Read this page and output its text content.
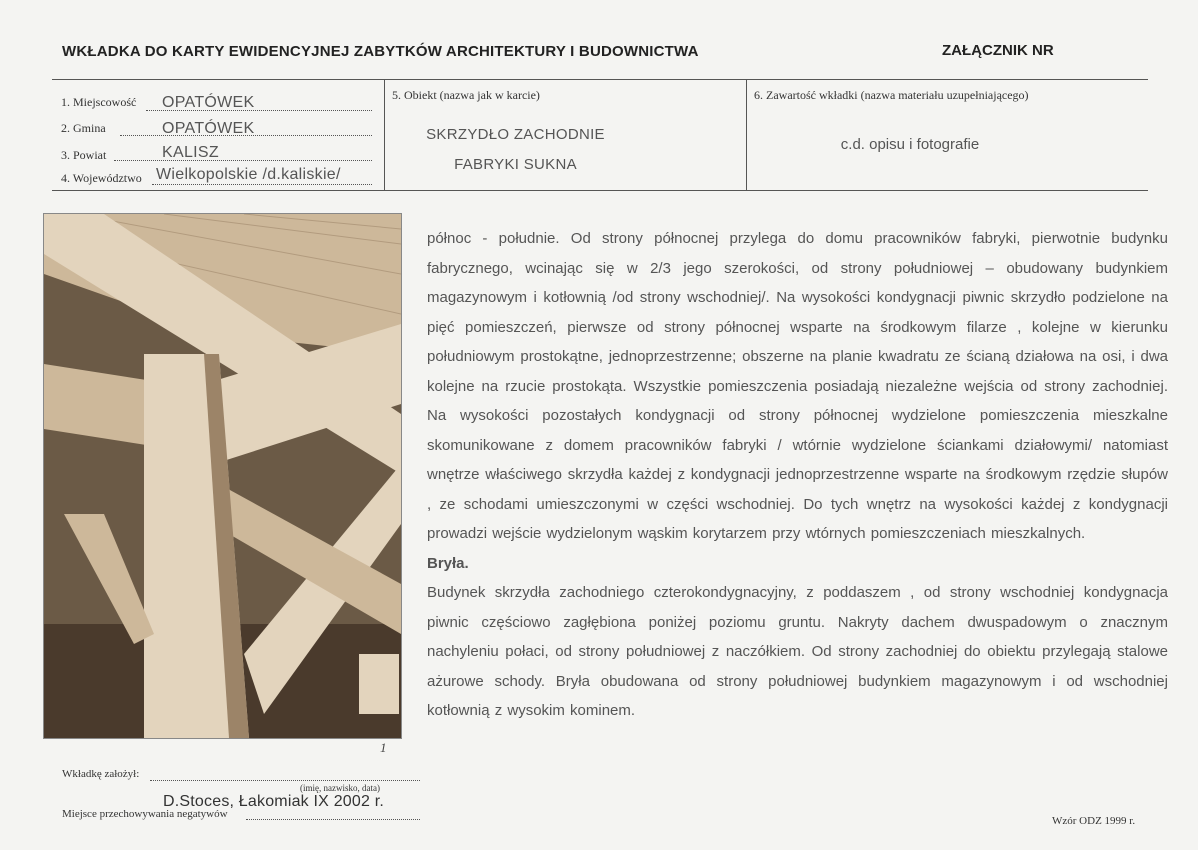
WKŁADKA DO KARTY EWIDENCYJNEJ ZABYTKÓW ARCHITEKTURY I BUDOWNICTWA	ZAŁĄCZNIK NR
1. Miejscowość OPATÓWEK
2. Gmina	OPATÓWEK
3. Powiat	KALISZ
4. Województwo Wielkopolskie /d.kaliskie/
5. Obiekt (nazwa jak w karcie)
SKRZYDŁO ZACHODNIE
FABRYKI SUKNA
6. Zawartość wkładki (nazwa materiału uzupełniającego)
c.d. opisu i fotografie
1

północ - południe. Od strony północnej przylega do domu pracowników fabryki, pierwotnie budynku fabrycznego, wcinając się w 2/3 jego szerokości, od strony południowej – obudowany budynkiem magazynowym i kotłownią /od strony wschodniej/. Na wysokości kondygnacji piwnic skrzydło podzielone na pięć pomieszczeń, pierwsze od strony północnej wsparte na środkowym filarze , kolejne w kierunku południowym prostokątne, jednoprzestrzenne; obszerne na planie kwadratu ze ścianą działowa na osi, i dwa kolejne na rzucie prostokąta. Wszystkie pomieszczenia posiadają niezależne wejścia od strony zachodniej. Na wysokości pozostałych kondygnacji od strony północnej wydzielone pomieszczenia mieszkalne skomunikowane z domem pracowników fabryki / wtórnie wydzielone ściankami działowymi/ natomiast wnętrze właściwego skrzydła każdej z kondygnacji jednoprzestrzenne wsparte na środkowym rzędzie słupów , ze schodami umieszczonymi w części wschodniej. Do tych wnętrz na wysokości każdej z kondygnacji prowadzi wejście wydzielonym wąskim korytarzem przy wtórnych pomieszczeniach mieszkalnych.

Bryła.

Budynek skrzydła zachodniego czterokondygnacyjny, z poddaszem , od strony wschodniej kondygnacja piwnic częściowo zagłębiona poniżej poziomu gruntu. Nakryty dachem dwuspadowym o znacznym nachyleniu połaci, od strony południowej z naczółkiem. Od strony zachodniej do obiektu przylegają stalowe ażurowe schody. Bryła obudowana od strony południowej budynkiem magazynowym i od wschodniej kotłownią z wysokim kominem.

Wkładkę założył:
(imię, nazwisko, data)
D.Stoces, Łakomiak IX 2002 r.
Miejsce przechowywania negatywów
Wzór ODZ 1999 r.
